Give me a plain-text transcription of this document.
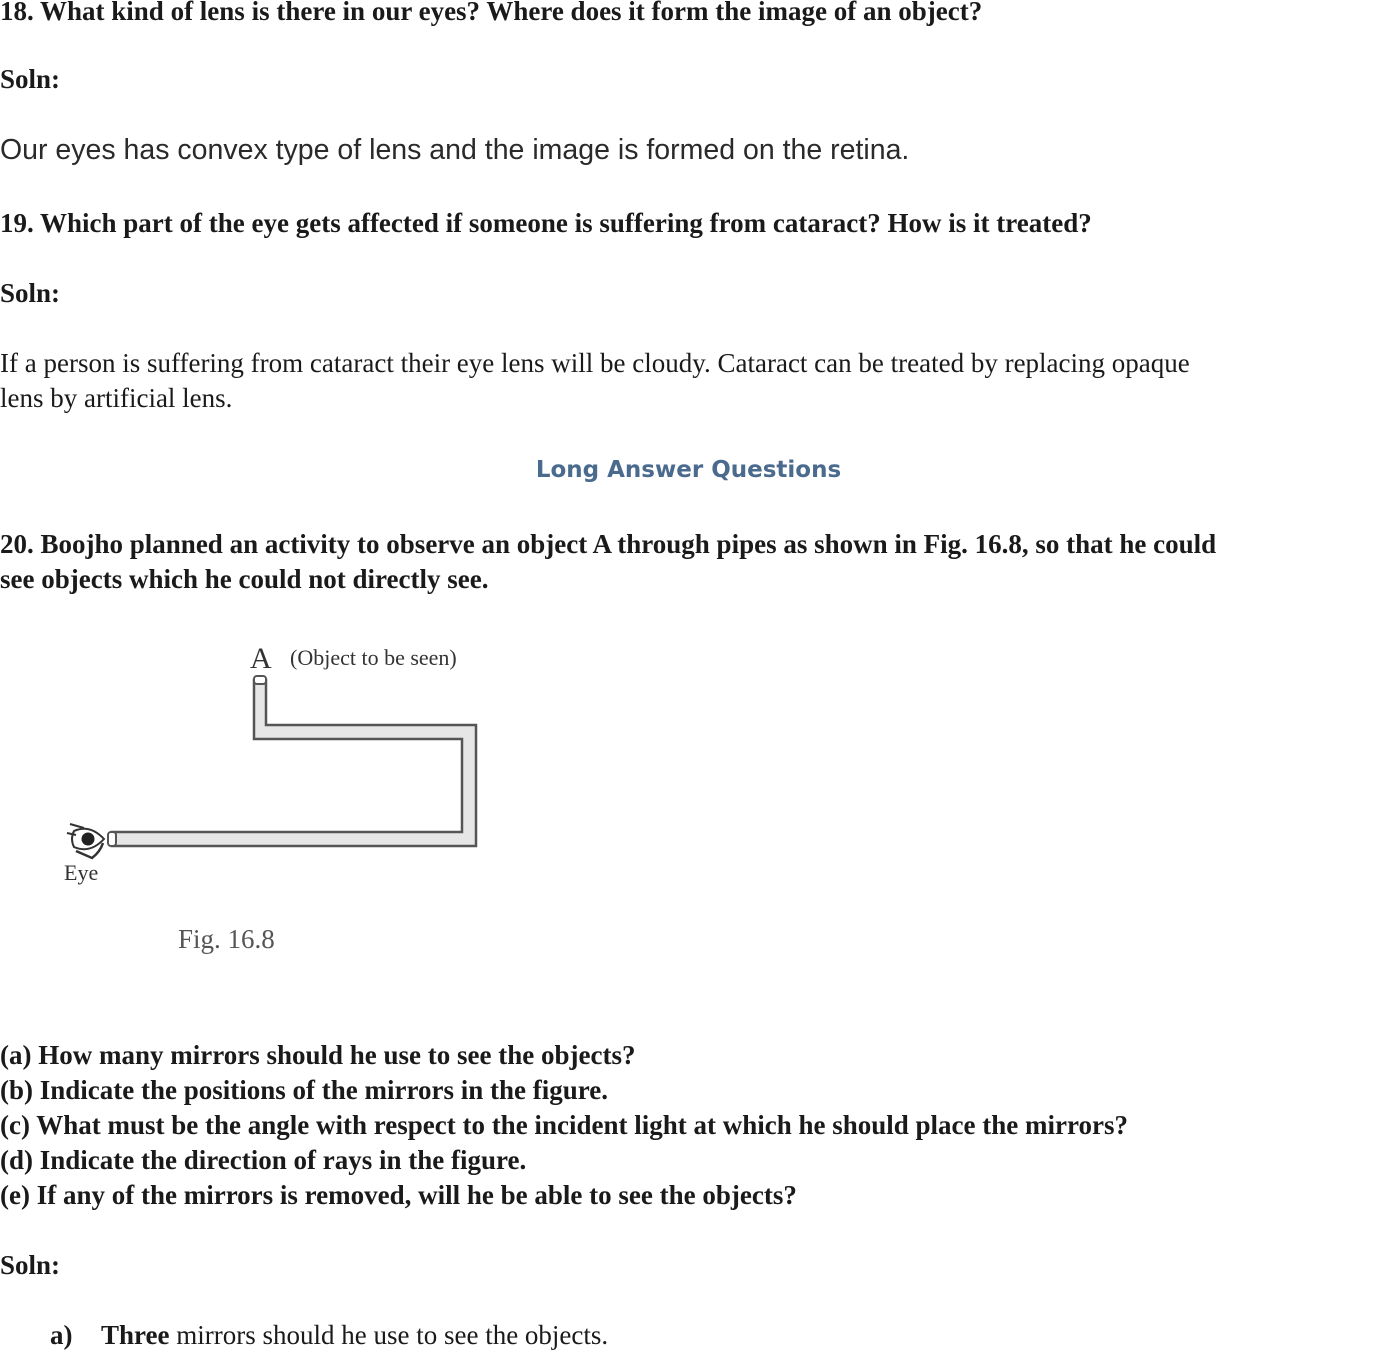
18. What kind of lens is there in our eyes? Where does it form the image of an object?

Soln:

Our eyes has convex type of lens and the image is formed on the retina.

19. Which part of the eye gets affected if someone is suffering from cataract? How is it treated?

Soln:

If a person is suffering from cataract their eye lens will be cloudy. Cataract can be treated by replacing opaque

lens by artificial lens.

Long Answer Questions

20. Boojho planned an activity to observe an object A through pipes as shown in Fig. 16.8, so that he could

see objects which he could not directly see.

A (Object to be seen)
Eye
Fig. 16.8
(a) How many mirrors should he use to see the objects?
(b) Indicate the positions of the mirrors in the figure.
(c) What must be the angle with respect to the incident light at which he should place the mirrors?
(d) Indicate the direction of rays in the figure.
(e) If any of the mirrors is removed, will he be able to see the objects?

Soln:

a) Three mirrors should he use to see the objects.
